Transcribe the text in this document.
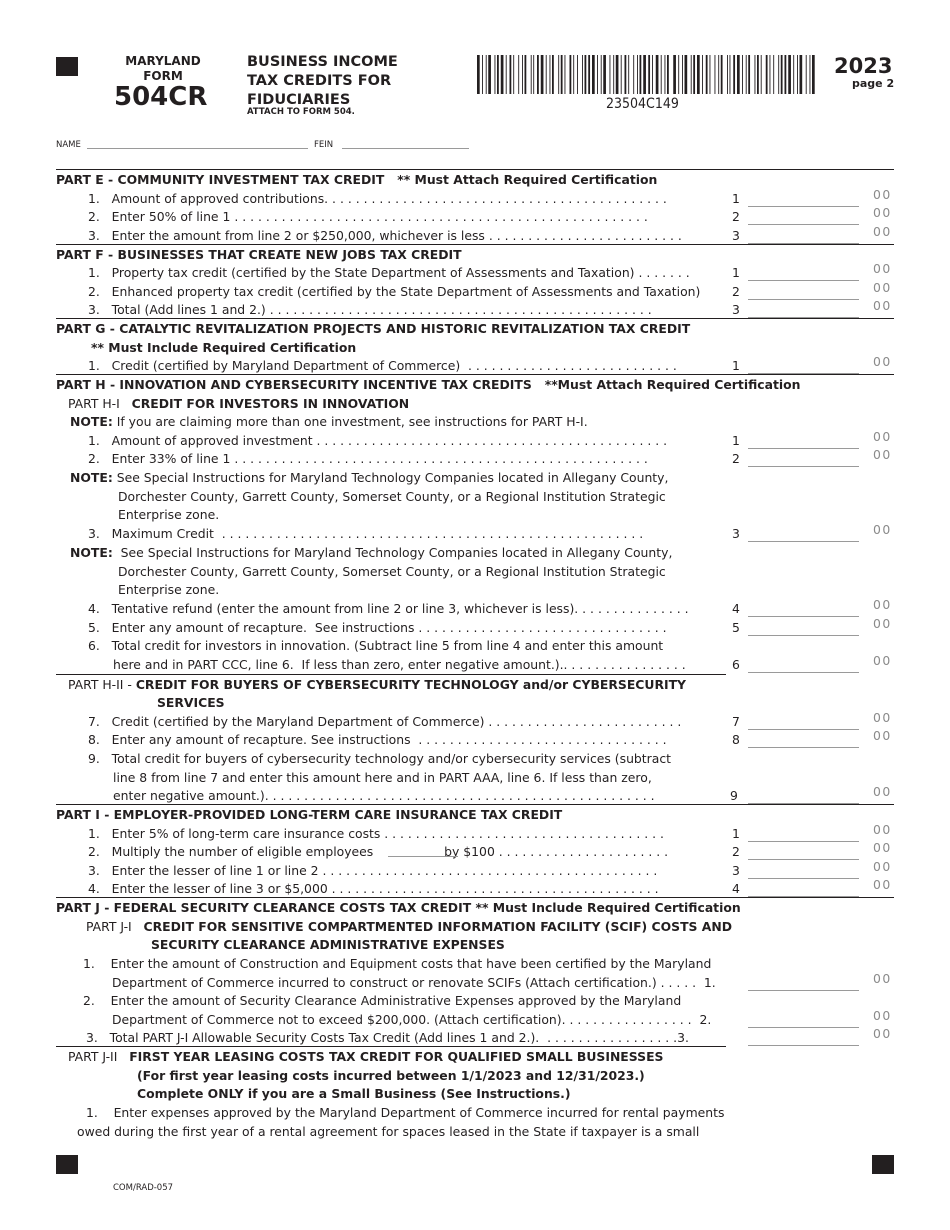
MARYLAND
FORM
504CR
BUSINESS INCOME
TAX CREDITS FOR
FIDUCIARIES
ATTACH TO FORM 504.	23504C149
2023
page 2
NAME	FEIN
PART E - COMMUNITY INVESTMENT TAX CREDIT   ** Must Attach Required Certification
1.   Amount of approved contributions. . . . . . . . . . . . . . . . . . . . . . . . . . . . . . . . . . . . . . . . . . . .	1	00
2.   Enter 50% of line 1 . . . . . . . . . . . . . . . . . . . . . . . . . . . . . . . . . . . . . . . . . . . . . . . . . . . . .	2	00
3.   Enter the amount from line 2 or $250,000, whichever is less . . . . . . . . . . . . . . . . . . . . . . . . .	3	00
PART F - BUSINESSES THAT CREATE NEW JOBS TAX CREDIT
1.   Property tax credit (certified by the State Department of Assessments and Taxation) . . . . . . .	1	00
2.   Enhanced property tax credit (certified by the State Department of Assessments and Taxation)	2	00
3.   Total (Add lines 1 and 2.) . . . . . . . . . . . . . . . . . . . . . . . . . . . . . . . . . . . . . . . . . . . . . . . . .	3	00
PART G - CATALYTIC REVITALIZATION PROJECTS AND HISTORIC REVITALIZATION TAX CREDIT
** Must Include Required Certification
1.   Credit (certified by Maryland Department of Commerce)  . . . . . . . . . . . . . . . . . . . . . . . . . . .	1	00
PART H - INNOVATION AND CYBERSECURITY INCENTIVE TAX CREDITS   **Must Attach Required Certification
PART H-I   CREDIT FOR INVESTORS IN INNOVATION
NOTE: If you are claiming more than one investment, see instructions for PART H-I.
1.   Amount of approved investment . . . . . . . . . . . . . . . . . . . . . . . . . . . . . . . . . . . . . . . . . . . . .	1	00
2.   Enter 33% of line 1 . . . . . . . . . . . . . . . . . . . . . . . . . . . . . . . . . . . . . . . . . . . . . . . . . . . . .	2	00
NOTE: See Special Instructions for Maryland Technology Companies located in Allegany County,
Dorchester County, Garrett County, Somerset County, or a Regional Institution Strategic
Enterprise zone.
3.   Maximum Credit  . . . . . . . . . . . . . . . . . . . . . . . . . . . . . . . . . . . . . . . . . . . . . . . . . . . . . .	3	00
NOTE:  See Special Instructions for Maryland Technology Companies located in Allegany County,
Dorchester County, Garrett County, Somerset County, or a Regional Institution Strategic
Enterprise zone.
4.   Tentative refund (enter the amount from line 2 or line 3, whichever is less). . . . . . . . . . . . . . .	4	00
5.   Enter any amount of recapture.  See instructions . . . . . . . . . . . . . . . . . . . . . . . . . . . . . . . .	5	00
6.   Total credit for investors in innovation. (Subtract line 5 from line 4 and enter this amount
here and in PART CCC, line 6.  If less than zero, enter negative amount.).. . . . . . . . . . . . . . . .	6	00
PART H-II - CREDIT FOR BUYERS OF CYBERSECURITY TECHNOLOGY and/or CYBERSECURITY
SERVICES
7.   Credit (certified by the Maryland Department of Commerce) . . . . . . . . . . . . . . . . . . . . . . . . .	7	00
8.   Enter any amount of recapture. See instructions  . . . . . . . . . . . . . . . . . . . . . . . . . . . . . . . .	8	00
9.   Total credit for buyers of cybersecurity technology and/or cybersecurity services (subtract
line 8 from line 7 and enter this amount here and in PART AAA, line 6. If less than zero,
enter negative amount.). . . . . . . . . . . . . . . . . . . . . . . . . . . . . . . . . . . . . . . . . . . . . . . . . .	9	00
PART I - EMPLOYER-PROVIDED LONG-TERM CARE INSURANCE TAX CREDIT
1.   Enter 5% of long-term care insurance costs . . . . . . . . . . . . . . . . . . . . . . . . . . . . . . . . . . . .	1	00
2.   Multiply the number of eligible employees                  by $100 . . . . . . . . . . . . . . . . . . . . . .	2	00
3.   Enter the lesser of line 1 or line 2 . . . . . . . . . . . . . . . . . . . . . . . . . . . . . . . . . . . . . . . . . . .	3	00
4.   Enter the lesser of line 3 or $5,000 . . . . . . . . . . . . . . . . . . . . . . . . . . . . . . . . . . . . . . . . . .	4	00
PART J - FEDERAL SECURITY CLEARANCE COSTS TAX CREDIT ** Must Include Required Certification
PART J-I   CREDIT FOR SENSITIVE COMPARTMENTED INFORMATION FACILITY (SCIF) COSTS AND
SECURITY CLEARANCE ADMINISTRATIVE EXPENSES
1.    Enter the amount of Construction and Equipment costs that have been certified by the Maryland
Department of Commerce incurred to construct or renovate SCIFs (Attach certification.) . . . . .  1.	00
2.    Enter the amount of Security Clearance Administrative Expenses approved by the Maryland
Department of Commerce not to exceed $200,000. (Attach certification). . . . . . . . . . . . . . . . .  2.	00
3.   Total PART J-I Allowable Security Costs Tax Credit (Add lines 1 and 2.).  . . . . . . . . . . . . . . . . .3.	00
PART J-II   FIRST YEAR LEASING COSTS TAX CREDIT FOR QUALIFIED SMALL BUSINESSES
(For first year leasing costs incurred between 1/1/2023 and 12/31/2023.)
Complete ONLY if you are a Small Business (See Instructions.)
1.    Enter expenses approved by the Maryland Department of Commerce incurred for rental payments
owed during the first year of a rental agreement for spaces leased in the State if taxpayer is a small
COM/RAD-057
